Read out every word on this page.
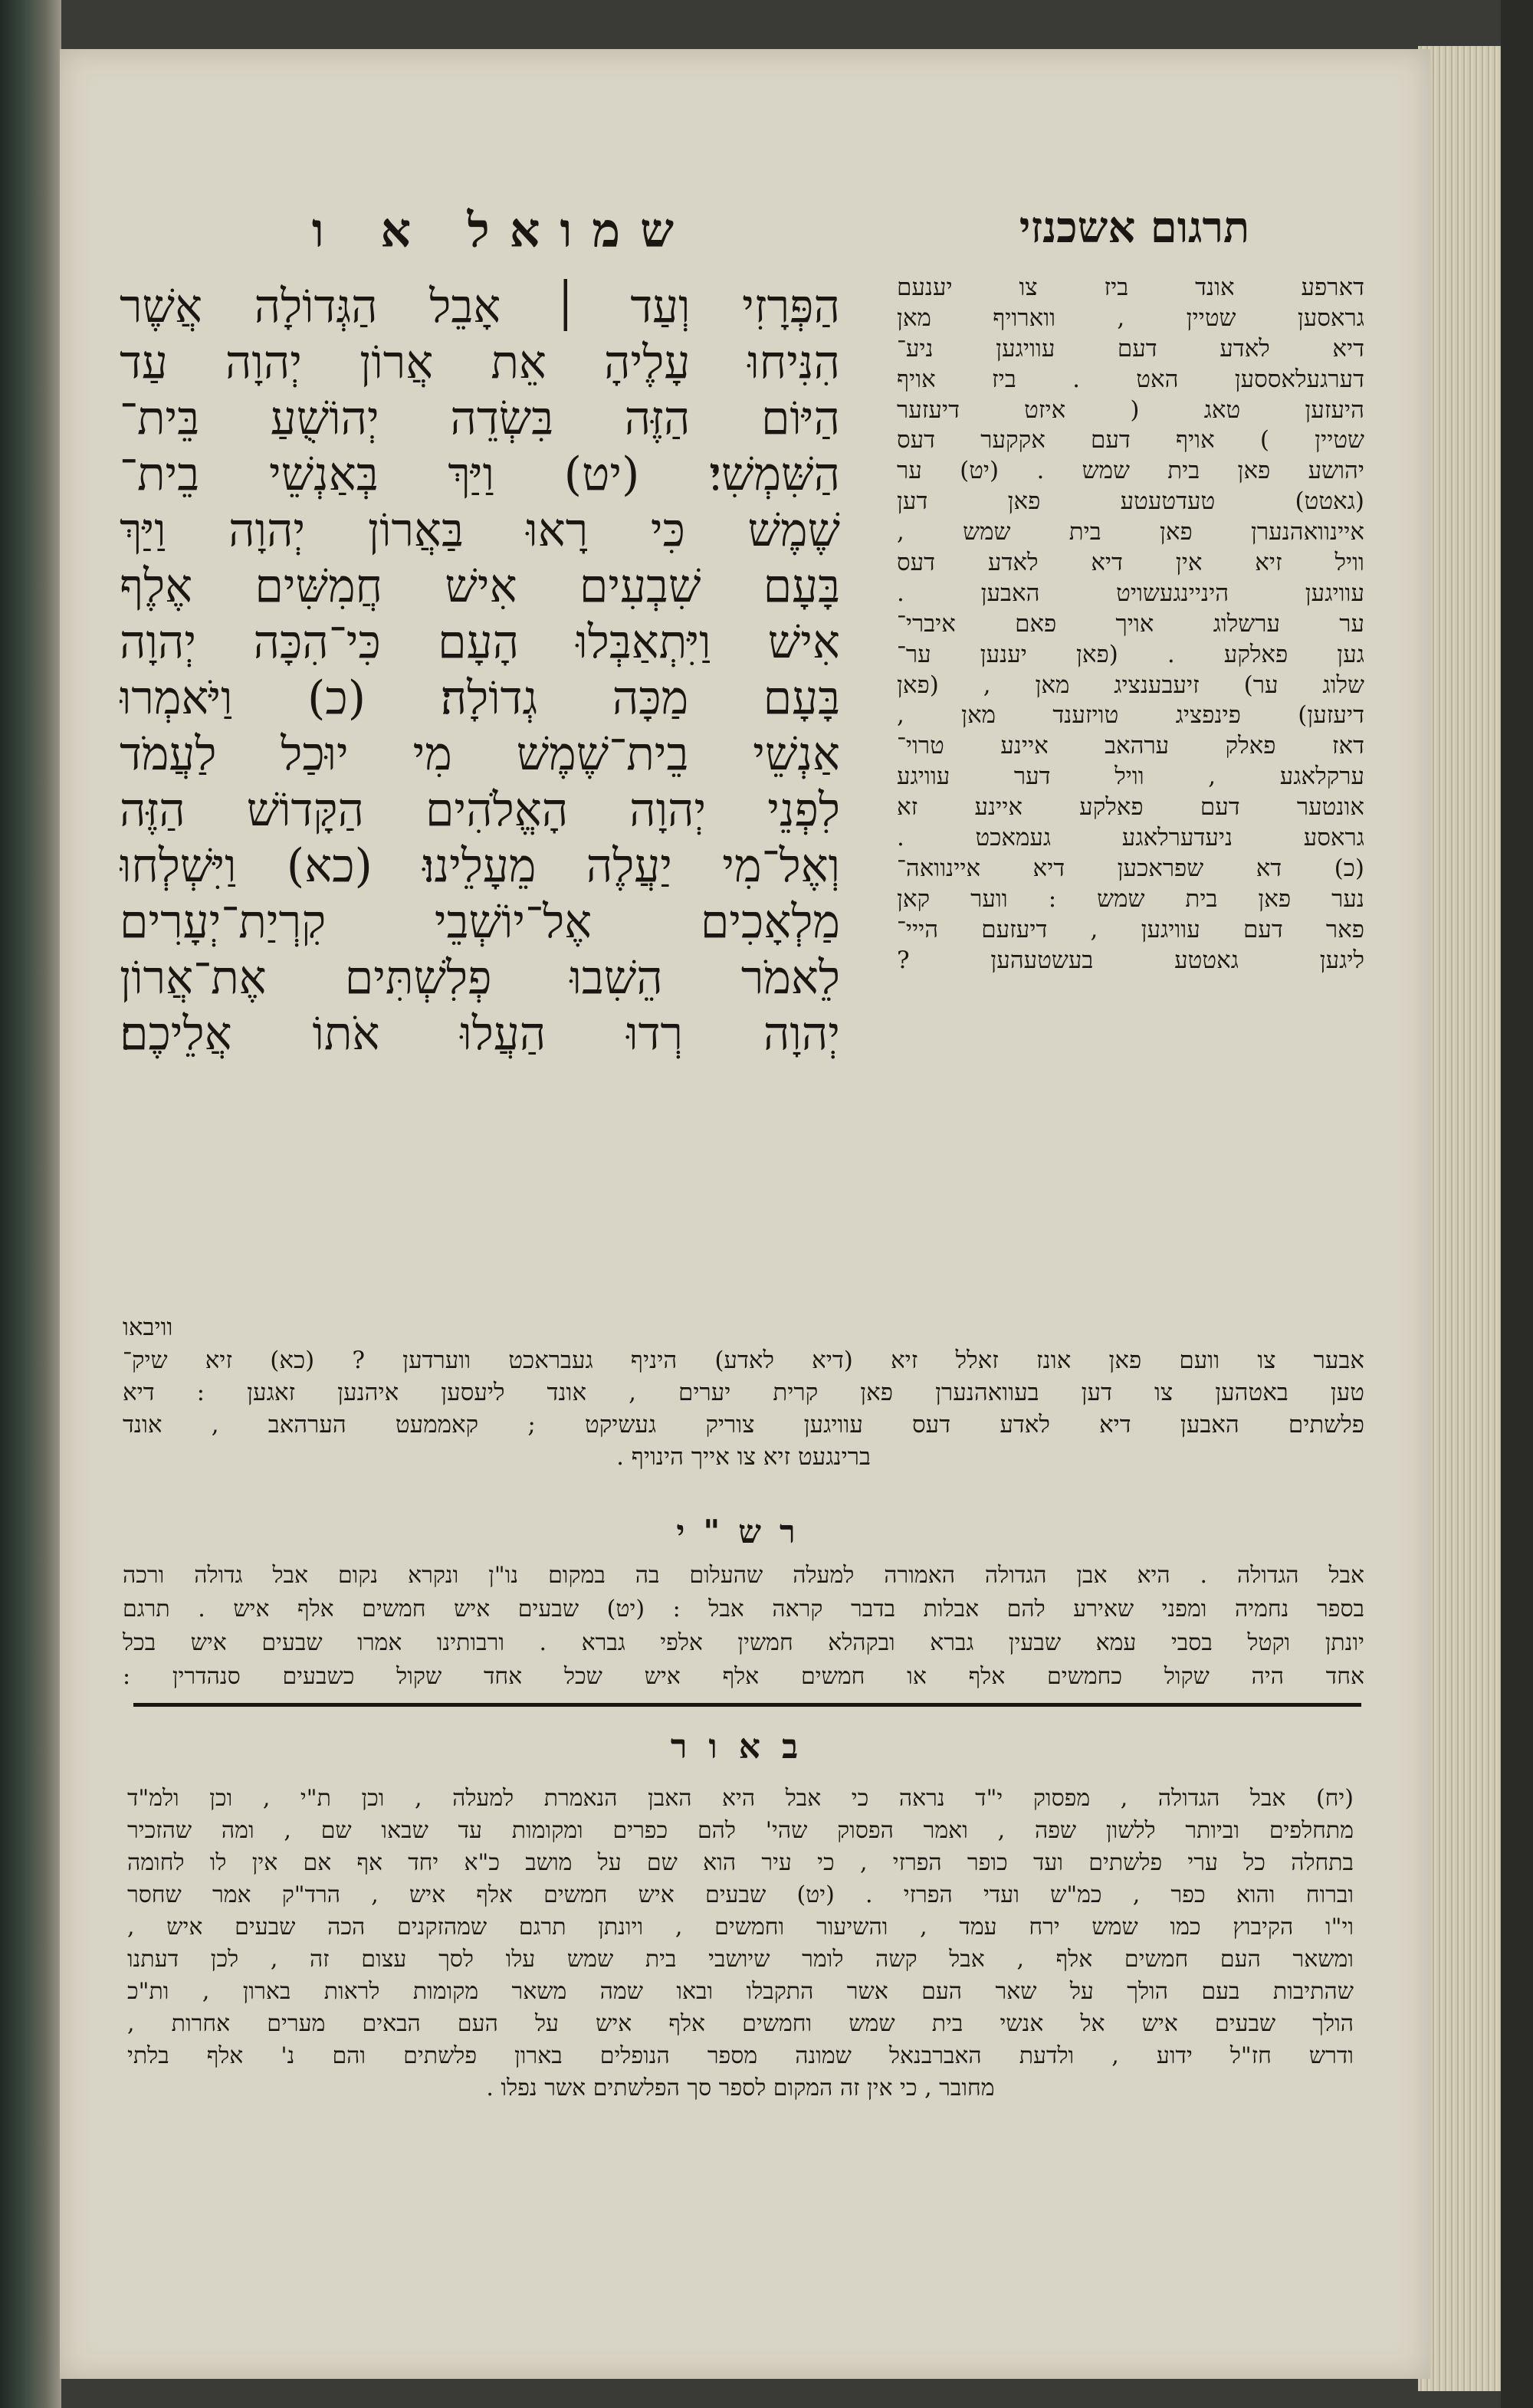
שמואל א ו	תרגום אשכנזי
הַפְּרָזִי וְעַד ׀ אָבֵל הַגְּדוֹלָה אֲשֶׁר
הִנִּיחוּ עָלֶיהָ אֵת אֲרוֹן יְהוָה עַד
הַיּוֹם הַזֶּה בִּשְׂדֵה יְהוֹשֻׁעַ בֵּית־
הַשִּׁמְשִׁי׃ (יט) וַיַּךְ בְּאַנְשֵׁי בֵית־
שֶׁמֶשׁ כִּי רָאוּ בַּאֲרוֹן יְהוָה וַיַּךְ
בָּעָם שִׁבְעִים אִישׁ חֲמִשִּׁים אֶלֶף
אִישׁ וַיִּתְאַבְּלוּ הָעָם כִּי־הִכָּה יְהוָה
בָּעָם מַכָּה גְדוֹלָה׃ (כ) וַיֹּאמְרוּ
אַנְשֵׁי בֵית־שֶׁמֶשׁ מִי יוּכַל לַעֲמֹד
לִפְנֵי יְהוָה הָאֱלֹהִים הַקָּדוֹשׁ הַזֶּה
וְאֶל־מִי יַעֲלֶה מֵעָלֵינוּ׃ (כא) וַיִּשְׁלְחוּ
מַלְאָכִים אֶל־יוֹשְׁבֵי קִרְיַת־יְעָרִים
לֵאמֹר הֵשִׁבוּ פְלִשְׁתִּים אֶת־אֲרוֹן
יְהוָה רְדוּ הַעֲלוּ אֹתוֹ אֲלֵיכֶם׃
דארפע אונד ביז צו יענעם
גראסען שטיין , ווארויף מאן
דיא לאדע דעם עוויגען ניע־
דערגעלאססען האט . ביז אויף
היעזען טאג ( איזט דיעזער
שטיין ) אויף דעם אקקער דעס
יהושע פאן בית שמש . (יט) ער
(גאטט) טעדטעטע פאן דען
איינוואהנערן פאן בית שמש ,
וויל זיא אין דיא לאדע דעס
עוויגען היניינגעשויט האבען .
ער ערשלוג אויך פאם איברי־
גען פאלקע . (פאן יענען ער־
שלוג ער) זיעבענציג מאן , (פאן
דיעזען) פינפציג טויזענד מאן ,
דאז פאלק ערהאב איינע טרוי־
ערקלאגע , וויל דער עוויגע
אונטער דעם פאלקע איינע זא
גראסע ניעדערלאגע געמאכט .
(כ) דא שפראכען דיא איינוואה־
נער פאן בית שמש : ווער קאן
פאר דעם עוויגען , דיעזעם הייי־
ליגען גאטטע בעשטעהען ?
וויבאו
אבער צו וועם פאן אונז זאלל זיא (דיא לאדע) היניף געבראכט ווערדען ? (כא) זיא שיק־
טען באטהען צו דען בעוואהנערן פאן קרית יערים , אונד ליעסען איהנען זאגען : דיא
פלשתים האבען דיא לאדע דעס עוויגען צוריק געשיקט ; קאממעט הערהאב , אונד
ברינגעט זיא צו אייך הינויף .
רש"י
אבל הגדולה . היא אבן הגדולה האמורה למעלה שהעלום בה במקום נו"ן ונקרא נקום אבל גדולה ורכה
בספר נחמיה ומפני שאירע להם אבלות בדבר קראה אבל : (יט) שבעים איש חמשים אלף איש . תרגם
יונתן וקטל בסבי עמא שבעין גברא ובקהלא חמשין אלפי גברא . ורבותינו אמרו שבעים איש בכל
אחד היה שקול כחמשים אלף או חמשים אלף איש שכל אחד שקול כשבעים סנהדרין :
באור
(יח) אבל הגדולה , מפסוק י"ד נראה כי אבל היא האבן הנאמרת למעלה , וכן ת"י , וכן ולמ"ד
מתחלפים וביותר ללשון שפה , ואמר הפסוק שהי' להם כפרים ומקומות עד שבאו שם , ומה שהזכיר
בתחלה כל ערי פלשתים ועד כופר הפרזי , כי עיר הוא שם על מושב כ"א יחד אף אם אין לו לחומה
וברוח והוא כפר , כמ"ש ועדי הפרזי . (יט) שבעים איש חמשים אלף איש , הרד"ק אמר שחסר
וי"ו הקיבוץ כמו שמש ירח עמד , והשיעור וחמשים , ויונתן תרגם שמהזקנים הכה שבעים איש ,
ומשאר העם חמשים אלף , אבל קשה לומר שיושבי בית שמש עלו לסך עצום זה , לכן דעתנו
שהתיבות בעם הולך על שאר העם אשר התקבלו ובאו שמה משאר מקומות לראות בארון , ות"כ
הולך שבעים איש אל אנשי בית שמש וחמשים אלף איש על העם הבאים מערים אחרות ,
ודרש חז"ל ידוע , ולדעת האברבנאל שמונה מספר הנופלים בארון פלשתים והם נ' אלף בלתי
מחובר , כי אין זה המקום לספר סך הפלשתים אשר נפלו .
